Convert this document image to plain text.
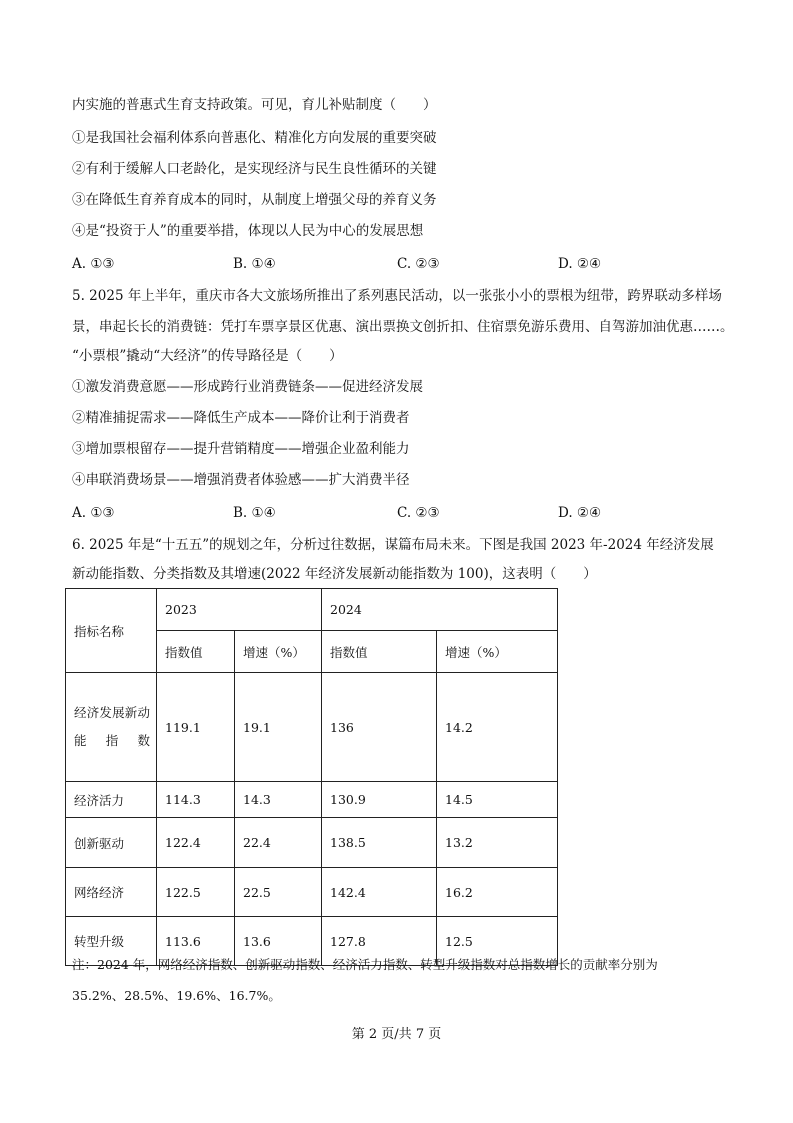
内实施的普惠式生育支持政策。可见，育儿补贴制度（　　）
①是我国社会福利体系向普惠化、精准化方向发展的重要突破
②有利于缓解人口老龄化，是实现经济与民生良性循环的关键
③在降低生育养育成本的同时，从制度上增强父母的养育义务
④是“投资于人”的重要举措，体现以人民为中心的发展思想
A. ①③	B. ①④	C. ②③	D. ②④
5. 2025 年上半年，重庆市各大文旅场所推出了系列惠民活动，以一张张小小的票根为纽带，跨界联动多样场
景，串起长长的消费链：凭打车票享景区优惠、演出票换文创折扣、住宿票免游乐费用、自驾游加油优惠……。
“小票根”撬动“大经济”的传导路径是（　　）
①激发消费意愿——形成跨行业消费链条——促进经济发展
②精准捕捉需求——降低生产成本——降价让利于消费者
③增加票根留存——提升营销精度——增强企业盈利能力
④串联消费场景——增强消费者体验感——扩大消费半径
A. ①③	B. ①④	C. ②③	D. ②④
6. 2025 年是“十五五”的规划之年，分析过往数据，谋篇布局未来。下图是我国 2023 年-2024 年经济发展
新动能指数、分类指数及其增速(2022 年经济发展新动能指数为 100)，这表明（　　）
指标名称	2023		2024	
	指数值	增速（%）	指数值	增速（%）
经济发展新动能指数	119.1	19.1	136	14.2
经济活力	114.3	14.3	130.9	14.5
创新驱动	122.4	22.4	138.5	13.2
网络经济	122.5	22.5	142.4	16.2
转型升级	113.6	13.6	127.8	12.5
注：2024 年，网络经济指数、创新驱动指数、经济活力指数、转型升级指数对总指数增长的贡献率分别为
35.2%、28.5%、19.6%、16.7%。
第 2 页/共 7 页
